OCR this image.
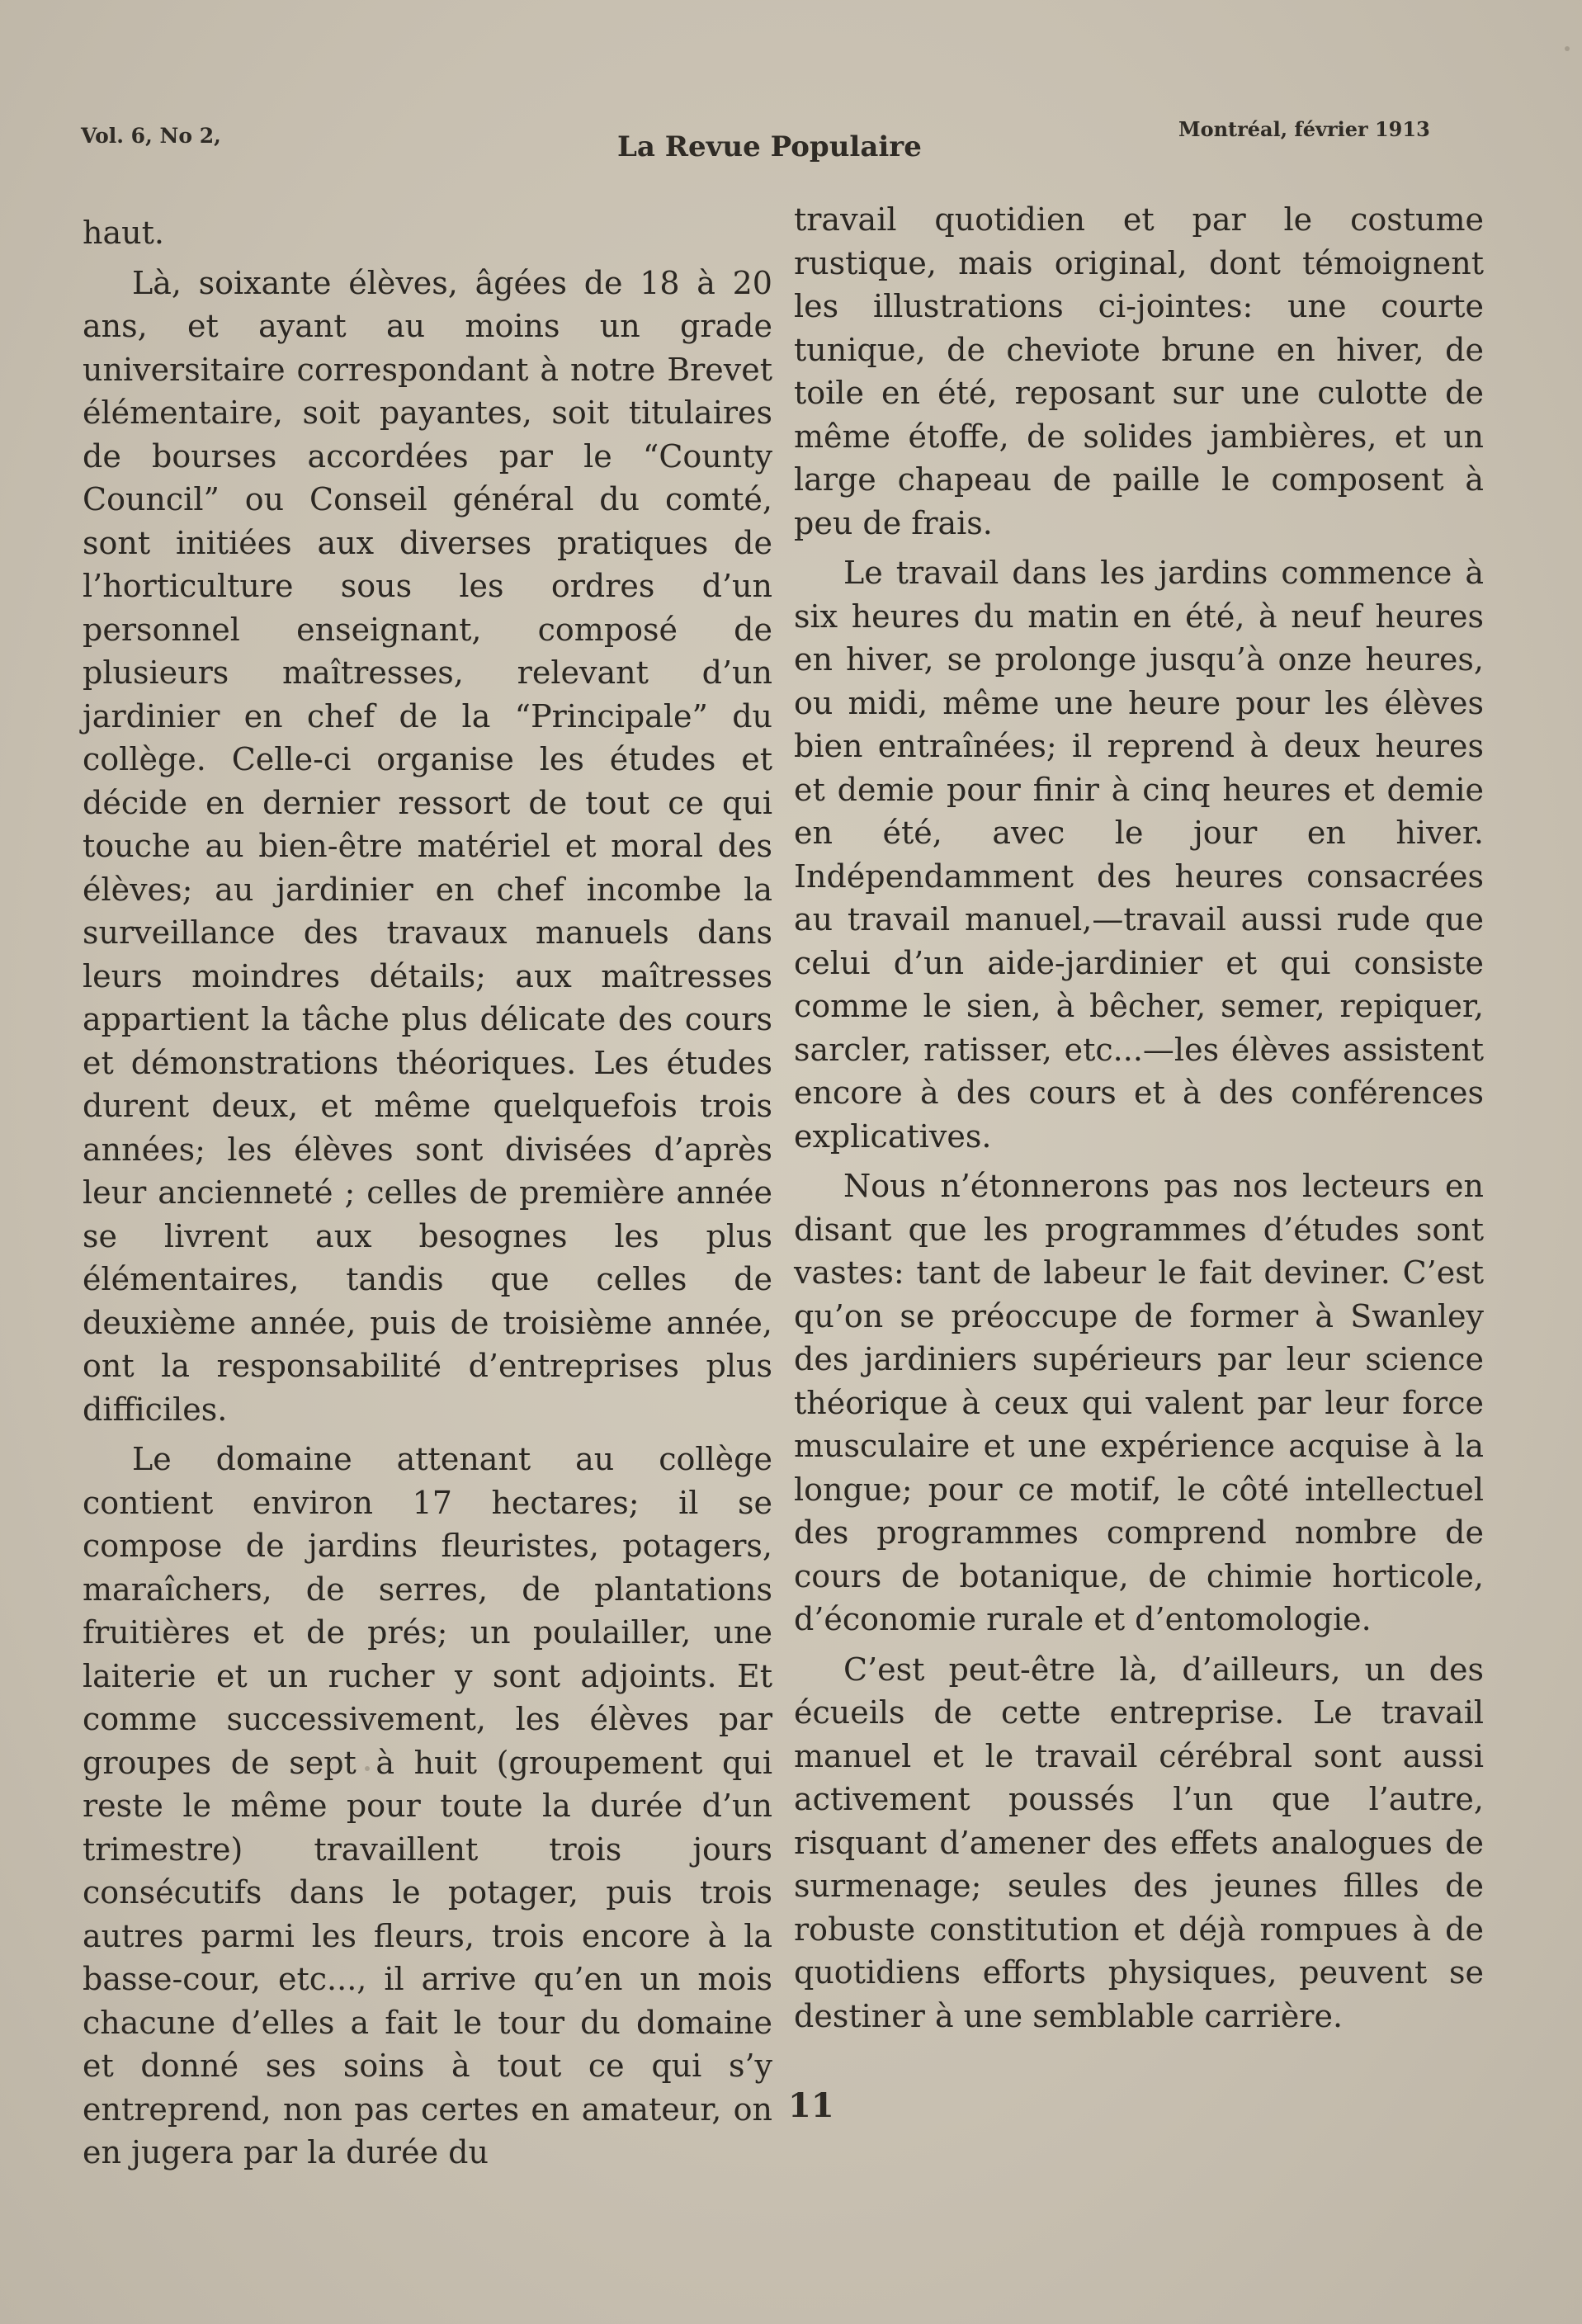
Vol. 6, No 2,	La Revue Populaire
Montréal, février 1913

haut.

Là, soixante élèves, âgées de 18 à 20 ans, et ayant au moins un grade universitaire correspondant à notre Brevet élémentaire, soit payantes, soit titulaires de bourses accordées par le “County Council” ou Conseil général du comté, sont initiées aux diverses pratiques de l’horticulture sous les ordres d’un personnel enseignant, composé de plusieurs maîtresses, relevant d’un jardinier en chef de la “Principale” du collège. Celle-ci organise les études et décide en dernier ressort de tout ce qui touche au bien-être matériel et moral des élèves; au jardinier en chef incombe la surveillance des travaux manuels dans leurs moindres détails; aux maîtresses appartient la tâche plus délicate des cours et démonstrations théoriques. Les études durent deux, et même quelquefois trois années; les élèves sont divisées d’après leur ancienneté ; celles de première année se livrent aux besognes les plus élémentaires, tandis que celles de deuxième année, puis de troisième année, ont la responsabilité d’entreprises plus difficiles.

Le domaine attenant au collège contient environ 17 hectares; il se compose de jardins fleuristes, potagers, maraîchers, de serres, de plantations fruitières et de prés; un poulailler, une laiterie et un rucher y sont adjoints. Et comme successivement, les élèves par groupes de sept à huit (groupement qui reste le même pour toute la durée d’un trimestre) travaillent trois jours consécutifs dans le potager, puis trois autres parmi les fleurs, trois encore à la basse-cour, etc..., il arrive qu’en un mois chacune d’elles a fait le tour du domaine et donné ses soins à tout ce qui s’y entreprend, non pas certes en amateur, on en jugera par la durée du

travail quotidien et par le costume rustique, mais original, dont témoignent les illustrations ci-jointes: une courte tunique, de cheviote brune en hiver, de toile en été, reposant sur une culotte de même étoffe, de solides jambières, et un large chapeau de paille le composent à peu de frais.

Le travail dans les jardins commence à six heures du matin en été, à neuf heures en hiver, se prolonge jusqu’à onze heures, ou midi, même une heure pour les élèves bien entraînées; il reprend à deux heures et demie pour finir à cinq heures et demie en été, avec le jour en hiver. Indépendamment des heures consacrées au travail manuel,—travail aussi rude que celui d’un aide-jardinier et qui consiste comme le sien, à bêcher, semer, repiquer, sarcler, ratisser, etc...—les élèves assistent encore à des cours et à des conférences explicatives.

Nous n’étonnerons pas nos lecteurs en disant que les programmes d’études sont vastes: tant de labeur le fait deviner. C’est qu’on se préoccupe de former à Swanley des jardiniers supérieurs par leur science théorique à ceux qui valent par leur force musculaire et une expérience acquise à la longue; pour ce motif, le côté intellectuel des programmes comprend nombre de cours de botanique, de chimie horticole, d’économie rurale et d’entomologie.

C’est peut-être là, d’ailleurs, un des écueils de cette entreprise. Le travail manuel et le travail cérébral sont aussi activement poussés l’un que l’autre, risquant d’amener des effets analogues de surmenage; seules des jeunes filles de robuste constitution et déjà rompues à de quotidiens efforts physiques, peuvent se destiner à une semblable carrière.

11
